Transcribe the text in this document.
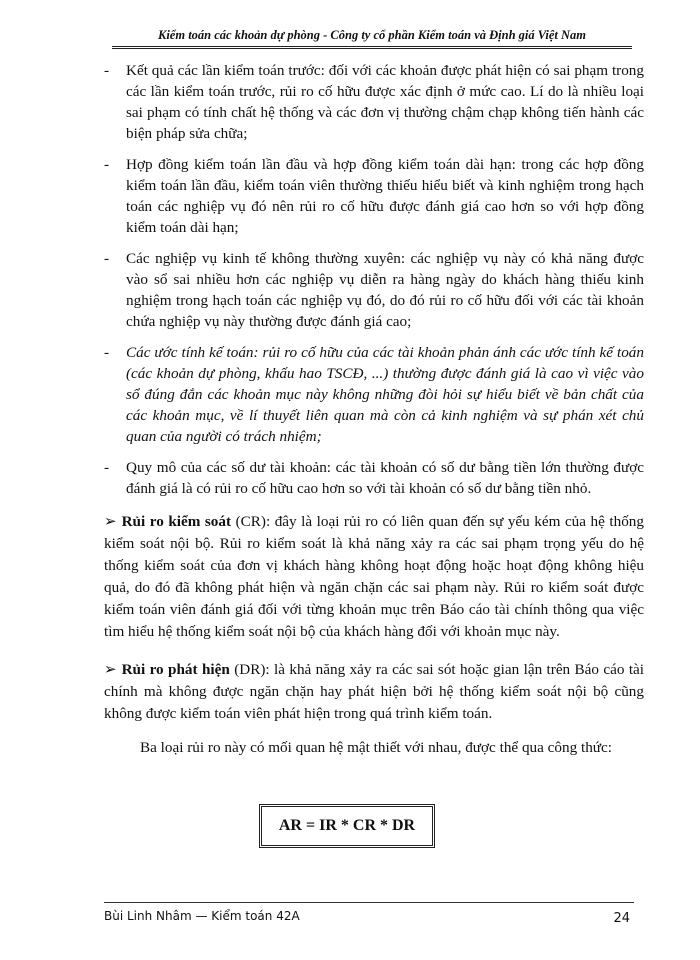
Kiểm toán các khoản dự phòng - Công ty cổ phần Kiểm toán và Định giá Việt Nam
- Kết quả các lần kiểm toán trước: đối với các khoản được phát hiện có sai phạm trong các lần kiểm toán trước, rủi ro cố hữu được xác định ở mức cao. Lí do là nhiều loại sai phạm có tính chất hệ thống và các đơn vị thường chậm chạp không tiến hành các biện pháp sửa chữa;
- Hợp đồng kiểm toán lần đầu và hợp đồng kiểm toán dài hạn: trong các hợp đồng kiểm toán lần đầu, kiểm toán viên thường thiếu hiểu biết và kinh nghiệm trong hạch toán các nghiệp vụ đó nên rủi ro cố hữu được đánh giá cao hơn so với hợp đồng kiểm toán dài hạn;
- Các nghiệp vụ kinh tế không thường xuyên: các nghiệp vụ này có khả năng được vào sổ sai nhiều hơn các nghiệp vụ diễn ra hàng ngày do khách hàng thiếu kinh nghiệm trong hạch toán các nghiệp vụ đó, do đó rủi ro cố hữu đối với các tài khoản chứa nghiệp vụ này thường được đánh giá cao;
- Các ước tính kế toán: rủi ro cố hữu của các tài khoản phản ánh các ước tính kế toán (các khoản dự phòng, khấu hao TSCĐ, ...) thường được đánh giá là cao vì việc vào sổ đúng đắn các khoản mục này không những đòi hỏi sự hiểu biết về bản chất của các khoản mục, về lí thuyết liên quan mà còn cả kinh nghiệm và sự phán xét chủ quan của người có trách nhiệm;
- Quy mô của các số dư tài khoản: các tài khoản có số dư bằng tiền lớn thường được đánh giá là có rủi ro cố hữu cao hơn so với tài khoản có số dư bằng tiền nhỏ.
➢ Rủi ro kiểm soát (CR): đây là loại rủi ro có liên quan đến sự yếu kém của hệ thống kiểm soát nội bộ. Rủi ro kiểm soát là khả năng xảy ra các sai phạm trọng yếu do hệ thống kiểm soát của đơn vị khách hàng không hoạt động hoặc hoạt động không hiệu quả, do đó đã không phát hiện và ngăn chặn các sai phạm này. Rủi ro kiểm soát được kiểm toán viên đánh giá đối với từng khoản mục trên Báo cáo tài chính thông qua việc tìm hiểu hệ thống kiểm soát nội bộ của khách hàng đối với khoản mục này.
➢ Rủi ro phát hiện (DR): là khả năng xảy ra các sai sót hoặc gian lận trên Báo cáo tài chính mà không được ngăn chặn hay phát hiện bởi hệ thống kiểm soát nội bộ cũng không được kiểm toán viên phát hiện trong quá trình kiểm toán.
Ba loại rủi ro này có mối quan hệ mật thiết với nhau, được thể qua công thức:
AR = IR * CR * DR
Bùi Linh Nhâm — Kiểm toán 42A	24
